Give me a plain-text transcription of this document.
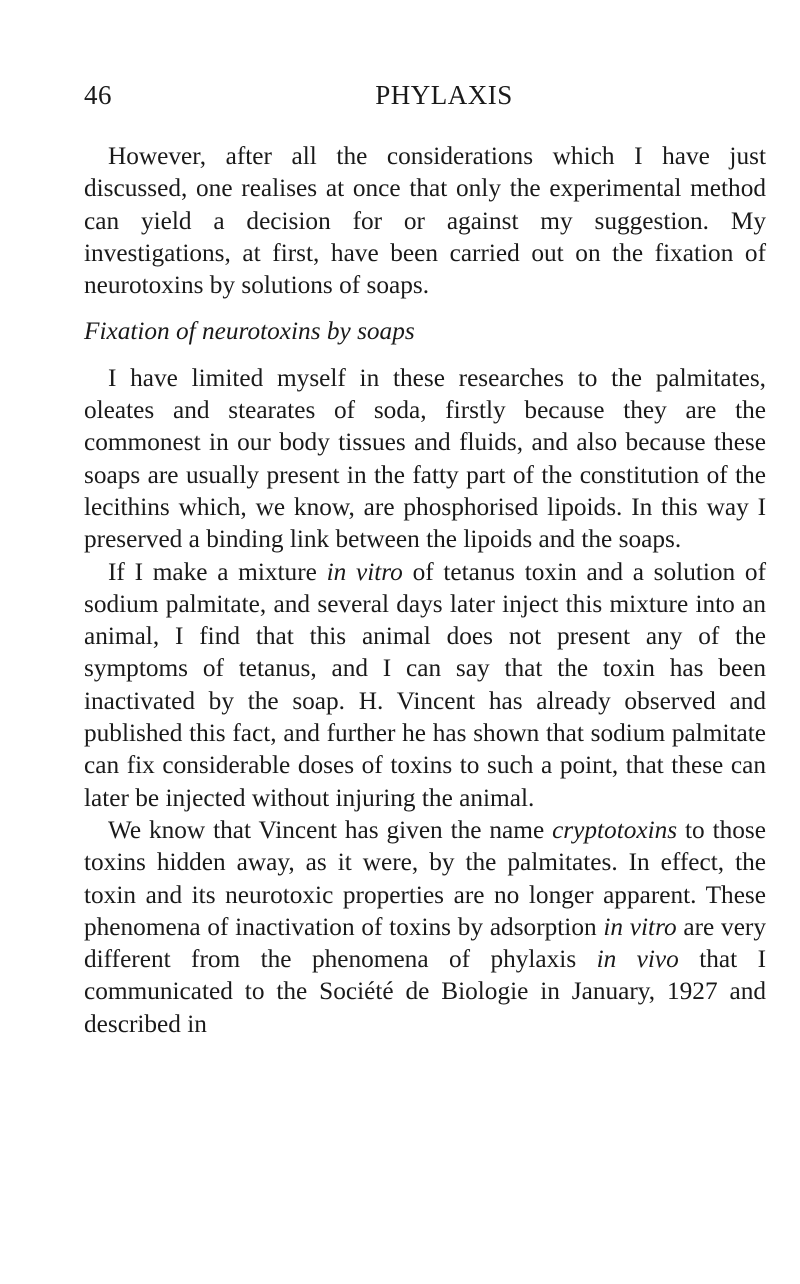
46	PHYLAXIS

However, after all the considerations which I have just discussed, one realises at once that only the experimental method can yield a decision for or against my suggestion. My investigations, at first, have been carried out on the fixation of neurotoxins by solutions of soaps.

Fixation of neurotoxins by soaps

I have limited myself in these researches to the palmitates, oleates and stearates of soda, firstly because they are the commonest in our body tissues and fluids, and also because these soaps are usually present in the fatty part of the constitution of the lecithins which, we know, are phosphorised lipoids. In this way I preserved a binding link between the lipoids and the soaps.

If I make a mixture in vitro of tetanus toxin and a solution of sodium palmitate, and several days later inject this mixture into an animal, I find that this animal does not present any of the symptoms of tetanus, and I can say that the toxin has been inactivated by the soap. H. Vincent has already observed and published this fact, and further he has shown that sodium palmitate can fix considerable doses of toxins to such a point, that these can later be injected without injuring the animal.

We know that Vincent has given the name cryptotoxins to those toxins hidden away, as it were, by the palmitates. In effect, the toxin and its neurotoxic properties are no longer apparent. These phenomena of inactivation of toxins by adsorption in vitro are very different from the phenomena of phylaxis in vivo that I communicated to the Société de Biologie in January, 1927 and described in
